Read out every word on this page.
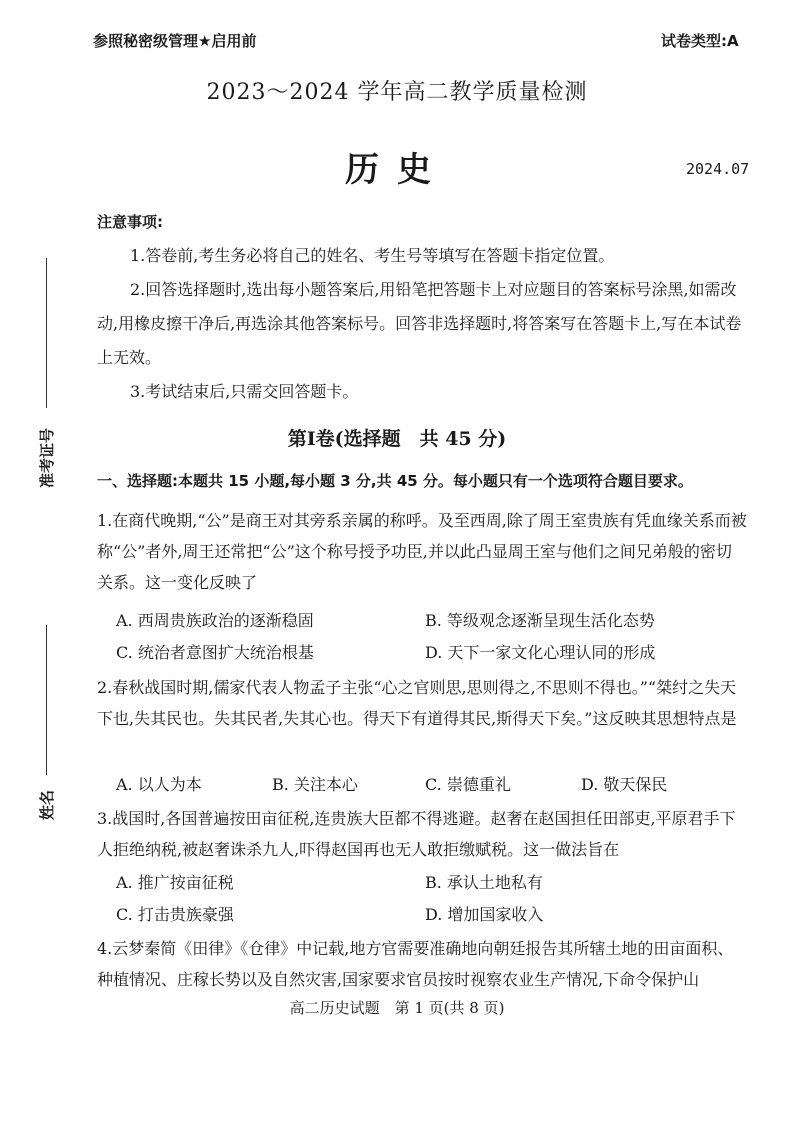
参照秘密级管理★启用前	试卷类型:A
2023～2024 学年高二教学质量检测
历史	2024.07
准考证号
姓名
注意事项:
1.答卷前,考生务必将自己的姓名、考生号等填写在答题卡指定位置。
2.回答选择题时,选出每小题答案后,用铅笔把答题卡上对应题目的答案标号涂黑,如需改动,用橡皮擦干净后,再选涂其他答案标号。回答非选择题时,将答案写在答题卡上,写在本试卷上无效。
3.考试结束后,只需交回答题卡。
第Ⅰ卷(选择题　共 45 分)
一、选择题:本题共 15 小题,每小题 3 分,共 45 分。每小题只有一个选项符合题目要求。
1.在商代晚期,“公”是商王对其旁系亲属的称呼。及至西周,除了周王室贵族有凭血缘关系而被称“公”者外,周王还常把“公”这个称号授予功臣,并以此凸显周王室与他们之间兄弟般的密切关系。这一变化反映了
A. 西周贵族政治的逐渐稳固	B. 等级观念逐渐呈现生活化态势
C. 统治者意图扩大统治根基	D. 天下一家文化心理认同的形成
2.春秋战国时期,儒家代表人物孟子主张“心之官则思,思则得之,不思则不得也。”“桀纣之失天下也,失其民也。失其民者,失其心也。得天下有道得其民,斯得天下矣。”这反映其思想特点是
A. 以人为本	B. 关注本心	C. 崇德重礼	D. 敬天保民
3.战国时,各国普遍按田亩征税,连贵族大臣都不得逃避。赵奢在赵国担任田部吏,平原君手下人拒绝纳税,被赵奢诛杀九人,吓得赵国再也无人敢拒缴赋税。这一做法旨在
A. 推广按亩征税	B. 承认土地私有
C. 打击贵族豪强	D. 增加国家收入
4.云梦秦简《田律》《仓律》中记载,地方官需要准确地向朝廷报告其所辖土地的田亩面积、种植情况、庄稼长势以及自然灾害,国家要求官员按时视察农业生产情况,下命令保护山
高二历史试题　第 1 页(共 8 页)
